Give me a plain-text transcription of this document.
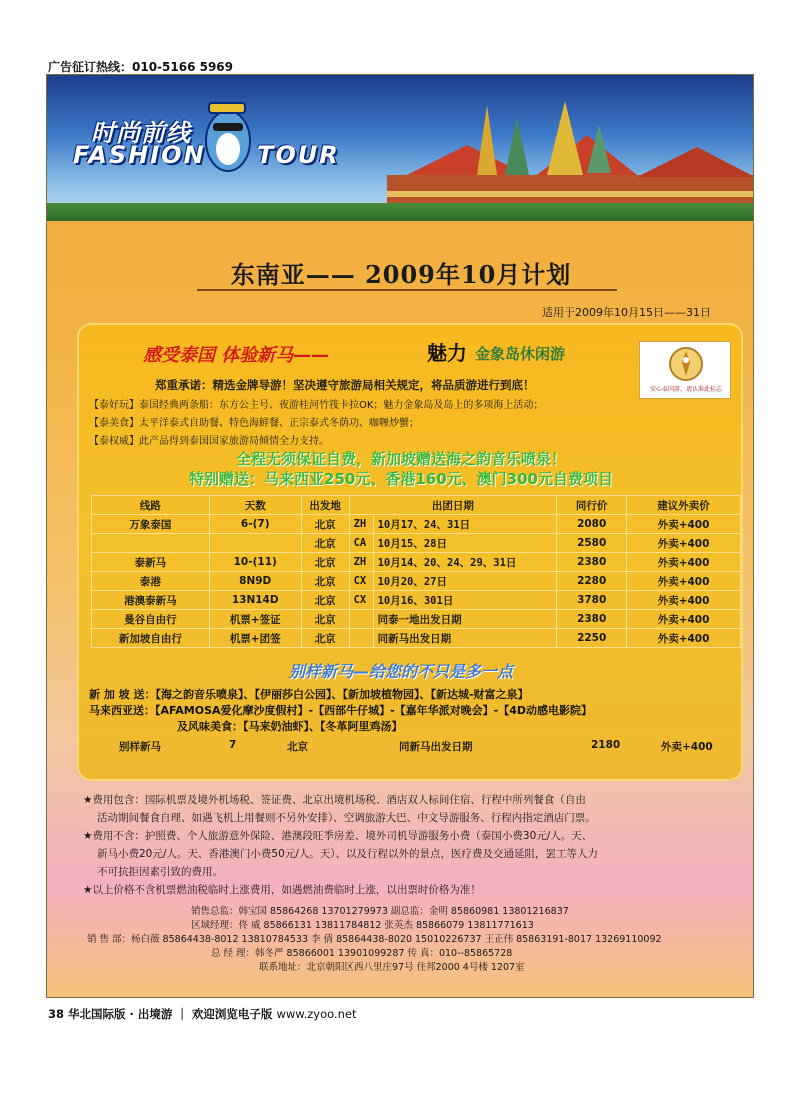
广告征订热线：010-5166 5969
时尚前线
FASHION TOUR
东南亚—— 2009年10月计划
适用于2009年10月15日——31日
感受泰国 体验新马——	魅力 金象岛休闲游
安心泰国游，请认准此标志
郑重承诺：精选金牌导游！坚决遵守旅游局相关规定，将品质游进行到底！
【泰好玩】泰国经典两条船：东方公主号、夜游桂河竹筏卡拉OK；魅力金象岛及岛上的多项海上活动；
【泰美食】太平洋泰式自助餐、特色海鲜餐、正宗泰式冬荫功、咖喱炒蟹；
【泰权威】此产品得到泰国国家旅游局倾情全力支持。
全程无须保证自费，新加坡赠送海之韵音乐喷泉！
特别赠送：马来西亚250元、香港160元、澳门300元自费项目
线路	天数	出发地	出团日期		同行价	建议外卖价
万象泰国	6-(7)	北京	ZH	10月17、24、31日	2080	外卖+400
		北京	CA	10月15、28日	2580	外卖+400
泰新马	10-(11)	北京	ZH	10月14、20、24、29、31日	2380	外卖+400
泰港	8N9D	北京	CX	10月20、27日	2280	外卖+400
港澳泰新马	13N14D	北京	CX	10月16、301日	3780	外卖+400
曼谷自由行	机票+签证	北京		同泰一地出发日期	2380	外卖+400
新加坡自由行	机票+团签	北京		同新马出发日期	2250	外卖+400
别样新马—给您的不只是多一点
新 加 坡 送：【海之韵音乐喷泉】、【伊丽莎白公园】、【新加坡植物园】、【新达城-财富之泉】
马来西亚送：【AFAMOSA爱化摩沙度假村】-【西部牛仔城】-【嘉年华派对晚会】-【4D动感电影院】
及风味美食：【马来奶油虾】、【冬革阿里鸡汤】
别样新马	7	北京	同新马出发日期	2180	外卖+400

★费用包含：国际机票及境外机场税、签证费、北京出境机场税、酒店双人标间住宿、行程中所列餐食（自由

活动期间餐食自理、如遇飞机上用餐则不另外安排）、空调旅游大巴、中文导游服务、行程内指定酒店门票。

★费用不含：护照费、个人旅游意外保险、港澳段旺季房差、境外司机导游服务小费（泰国小费30元/人。天、

新马小费20元/人。天、香港澳门小费50元/人。天）、以及行程以外的景点，医疗费及交通延阻，罢工等人力

不可抗拒因素引致的费用。

★以上价格不含机票燃油税临时上涨费用，如遇燃油费临时上涨，以出票时价格为准！

销售总监：韩宝国 85864268 13701279973 副总监：金明 85860981 13801216837
区域经理：佟 威 85866131 13811784812 张英杰 85866079 13811771613
销 售 部：杨白薇 85864438-8012 13810784533 李 倩 85864438-8020 15010226737 王正伟 85863191-8017 13269110092
总 经 理：韩冬严 85866001 13901099287 传 真：010--85865728
联系地址：北京朝阳区西八里庄97号 住邦2000 4号楼 1207室
38 华北国际版 · 出境游 ｜ 欢迎浏览电子版 www.zyoo.net
